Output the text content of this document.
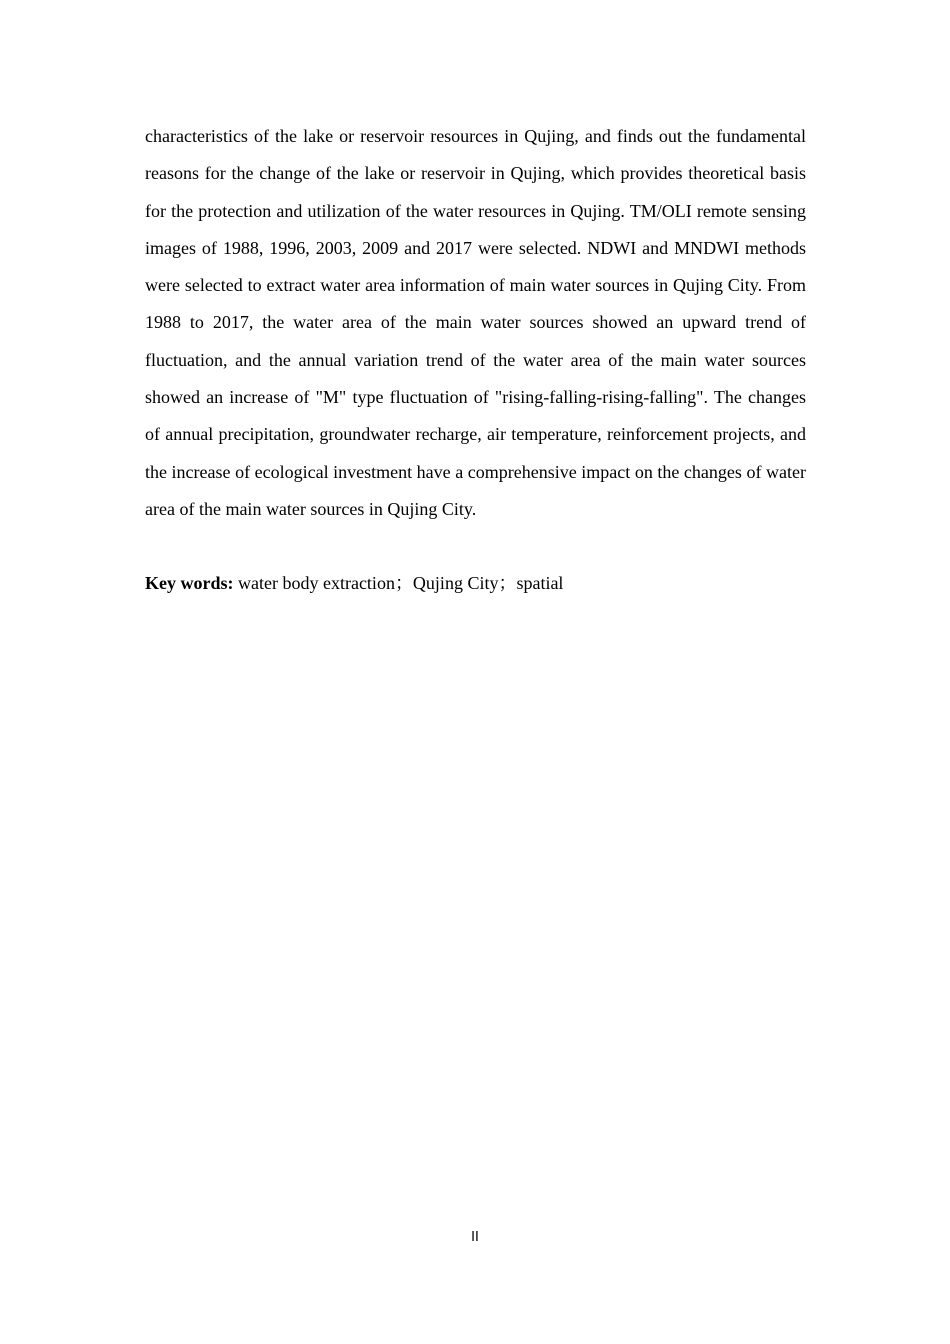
characteristics of the lake or reservoir resources in Qujing, and finds out the fundamental reasons for the change of the lake or reservoir in Qujing, which provides theoretical basis for the protection and utilization of the water resources in Qujing. TM/OLI remote sensing images of 1988, 1996, 2003, 2009 and 2017 were selected. NDWI and MNDWI methods were selected to extract water area information of main water sources in Qujing City. From 1988 to 2017, the water area of the main water sources showed an upward trend of fluctuation, and the annual variation trend of the water area of the main water sources showed an increase of "M" type fluctuation of "rising-falling-rising-falling". The changes of annual precipitation, groundwater recharge, air temperature, reinforcement projects, and the increase of ecological investment have a comprehensive impact on the changes of water area of the main water sources in Qujing City.

Key words: water body extraction；Qujing City；spatial

II
